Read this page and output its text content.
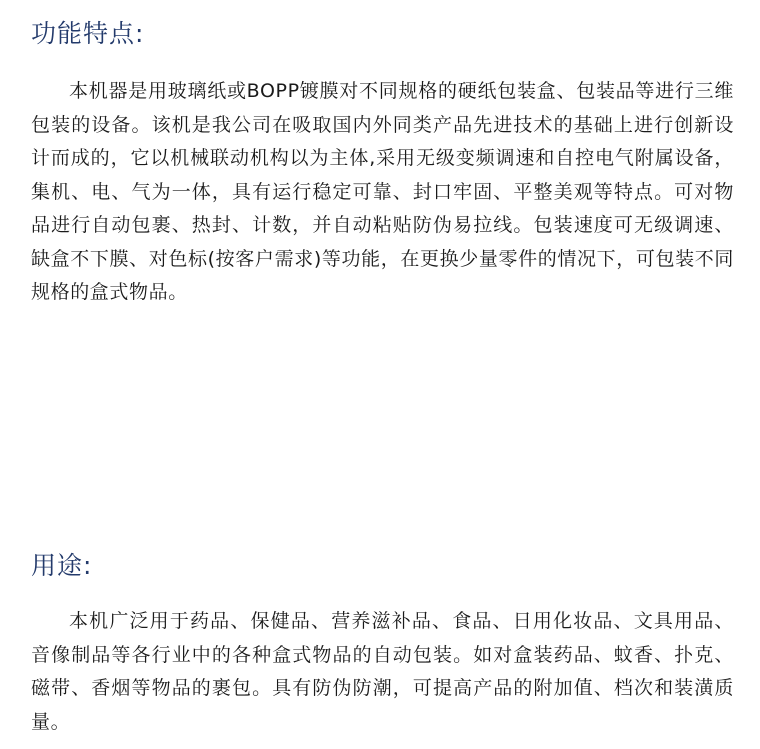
功能特点:

本机器是用玻璃纸或BOPP镀膜对不同规格的硬纸包装盒、包装品等进行三维包装的设备。该机是我公司在吸取国内外同类产品先进技术的基础上进行创新设计而成的，它以机械联动机构以为主体,采用无级变频调速和自控电气附属设备，集机、电、气为一体，具有运行稳定可靠、封口牢固、平整美观等特点。可对物品进行自动包裹、热封、计数，并自动粘贴防伪易拉线。包装速度可无级调速、缺盒不下膜、对色标(按客户需求)等功能，在更换少量零件的情况下，可包装不同规格的盒式物品。

用途:

本机广泛用于药品、保健品、营养滋补品、食品、日用化妆品、文具用品、音像制品等各行业中的各种盒式物品的自动包装。如对盒装药品、蚊香、扑克、磁带、香烟等物品的裹包。具有防伪防潮，可提高产品的附加值、档次和装潢质量。
